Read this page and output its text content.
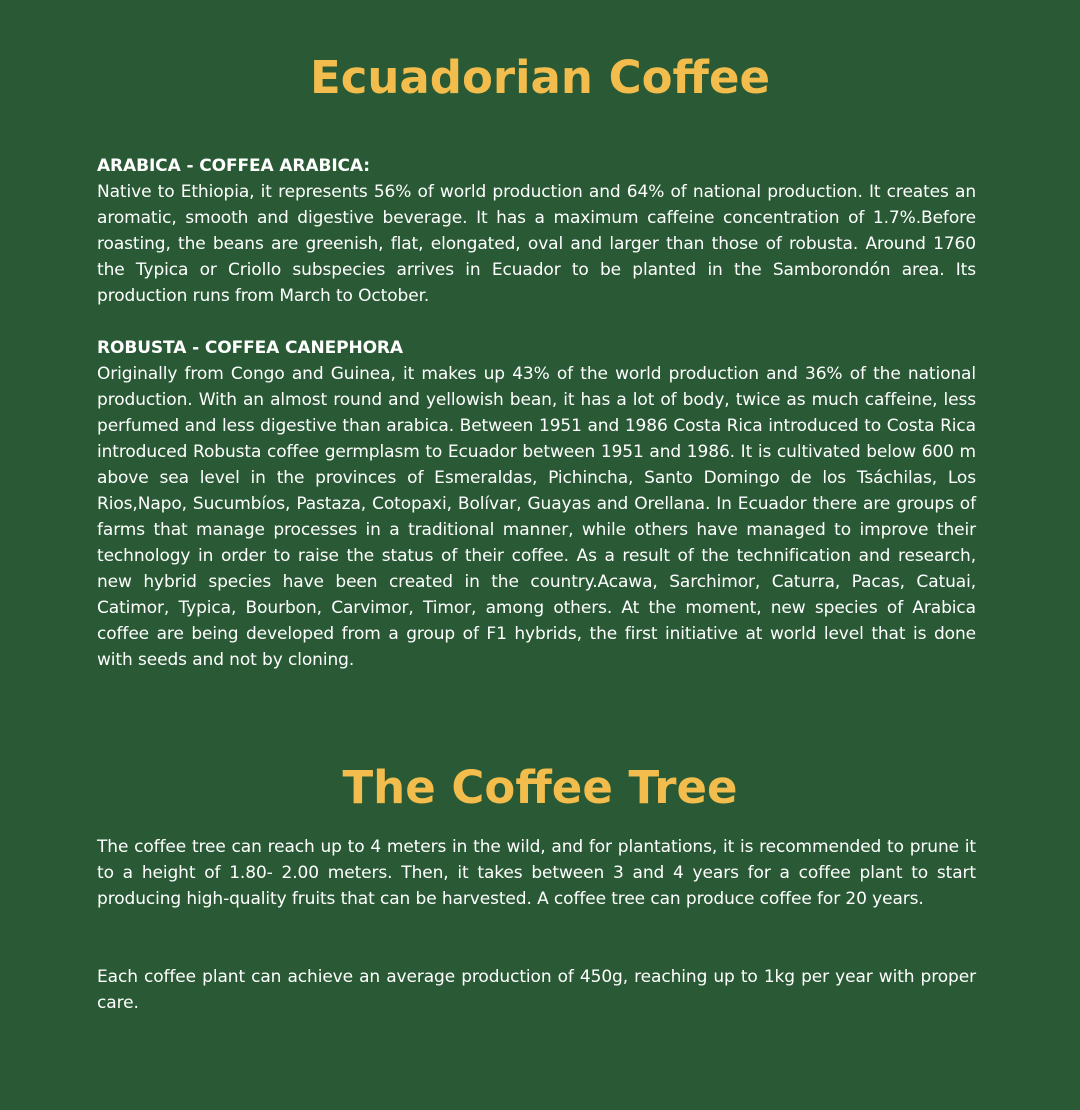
Ecuadorian Coffee

ARABICA - COFFEA ARABICA:
Native to Ethiopia, it represents 56% of world production and 64% of national production. It creates an aromatic, smooth and digestive beverage. It has a maximum caffeine concentration of 1.7%.Before roasting, the beans are greenish, flat, elongated, oval and larger than those of robusta. Around 1760 the Typica or Criollo subspecies arrives in Ecuador to be planted in the Samborondón area. Its production runs from March to October.

ROBUSTA - COFFEA CANEPHORA
Originally from Congo and Guinea, it makes up 43% of the world production and 36% of the national production. With an almost round and yellowish bean, it has a lot of body, twice as much caffeine, less perfumed and less digestive than arabica. Between 1951 and 1986 Costa Rica introduced to Costa Rica introduced Robusta coffee germplasm to Ecuador between 1951 and 1986. It is cultivated below 600 m above sea level in the provinces of Esmeraldas, Pichincha, Santo Domingo de los Tsáchilas, Los Rios,Napo, Sucumbíos, Pastaza, Cotopaxi, Bolívar, Guayas and Orellana. In Ecuador there are groups of farms that manage processes in a traditional manner, while others have managed to improve their technology in order to raise the status of their coffee. As a result of the technification and research, new hybrid species have been created in the country.Acawa, Sarchimor, Caturra, Pacas, Catuai, Catimor, Typica, Bourbon, Carvimor, Timor, among others. At the moment, new species of Arabica coffee are being developed from a group of F1 hybrids, the first initiative at world level that is done with seeds and not by cloning.

The Coffee Tree

The coffee tree can reach up to 4 meters in the wild, and for plantations, it is recommended to prune it to a height of 1.80- 2.00 meters. Then, it takes between 3 and 4 years for a coffee plant to start producing high-quality fruits that can be harvested. A coffee tree can produce coffee for 20 years.

Each coffee plant can achieve an average production of 450g, reaching up to 1kg per year with proper care.
